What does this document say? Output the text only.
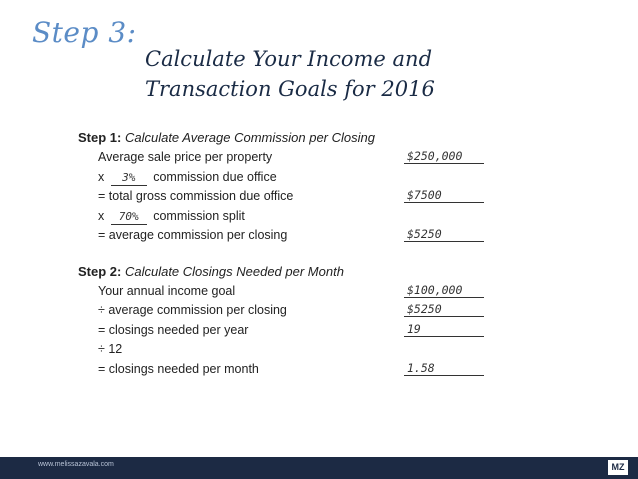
Step 3:
Calculate Your Income and
Transaction Goals for 2016
Step 1: Calculate Average Commission per Closing
Average sale price per property	$250,000
x 3% commission due office
= total gross commission due office	$7500
x 70% commission split
= average commission per closing	$5250
Step 2: Calculate Closings Needed per Month
Your annual income goal	$100,000
÷ average commission per closing	$5250
= closings needed per year	19
÷ 12
= closings needed per month	1.58
www.melissazavala.com	MZ
